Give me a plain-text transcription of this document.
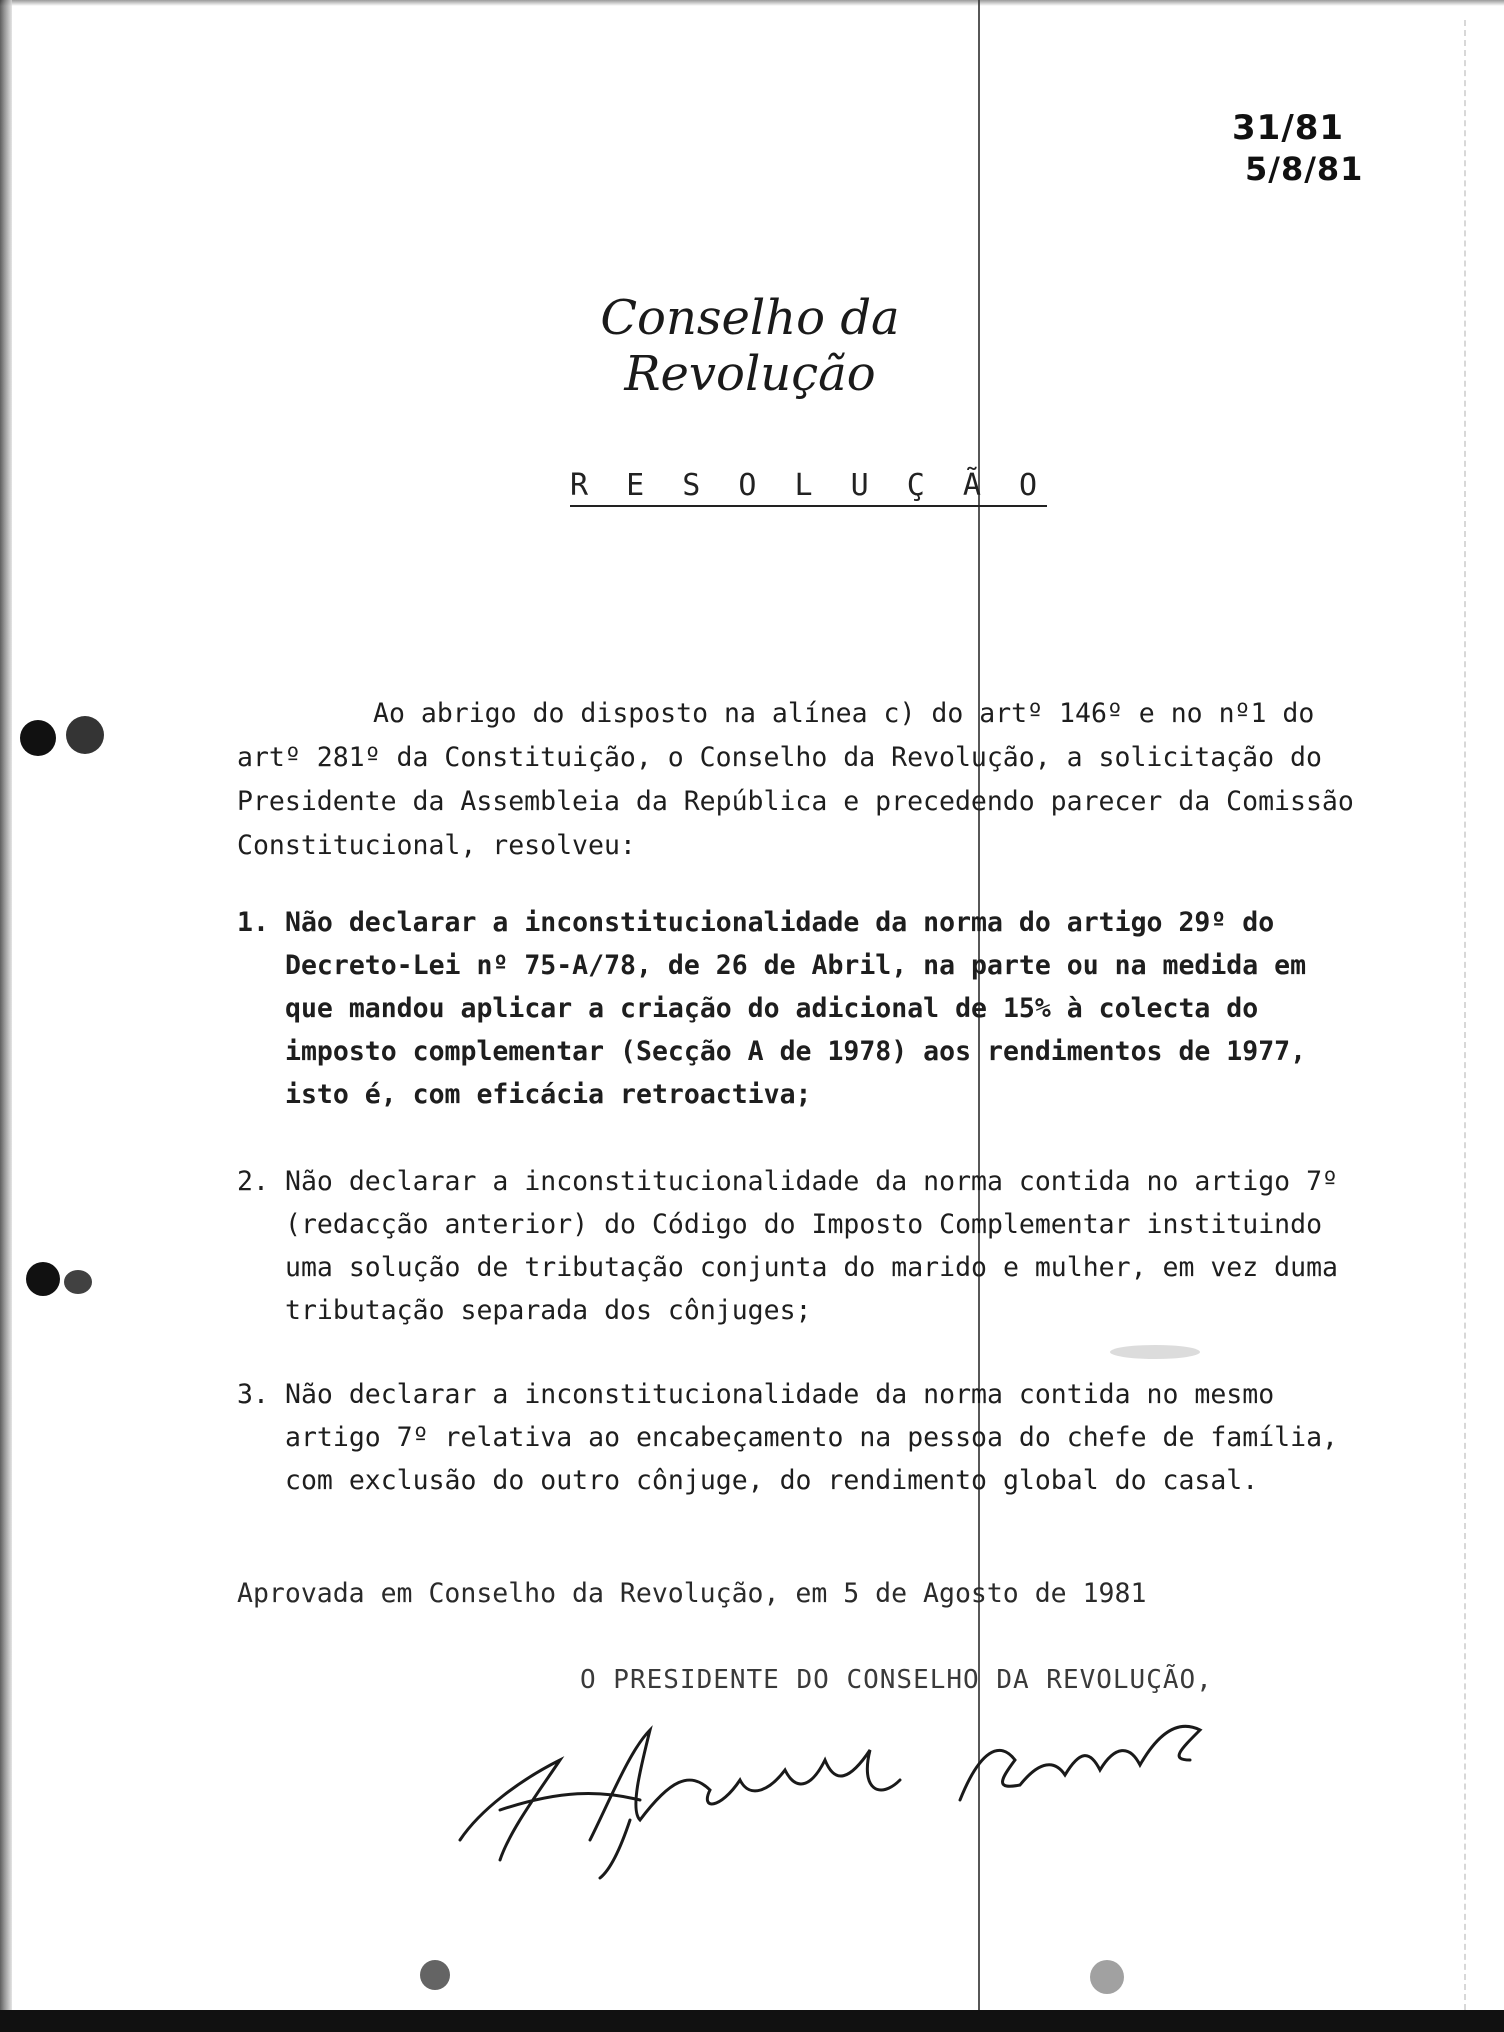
31/81
5/8/81
Conselho da Revolução
R E S O L U Ç Ã O
Ao abrigo do disposto na alínea c) do artº 146º e no nº1 do artº 281º da Constituição, o Conselho da Revolução, a solicitação do Presidente da Assembleia da República e precedendo parecer da Comissão Constitucional, resolveu:
1. Não declarar a inconstitucionalidade da norma do artigo 29º do Decreto-Lei nº 75-A/78, de 26 de Abril, na parte ou na medida em que mandou aplicar a criação do adicional de 15% à colecta do imposto complementar (Secção A de 1978) aos rendimentos de 1977, isto é, com eficácia retroactiva;
2. Não declarar a inconstitucionalidade da norma contida no artigo 7º (redacção anterior) do Código do Imposto Complementar instituindo uma solução de tributação conjunta do marido e mulher, em vez duma tributação separada dos cônjuges;
3. Não declarar a inconstitucionalidade da norma contida no mesmo artigo 7º relativa ao encabeçamento na pessoa do chefe de família, com exclusão do outro cônjuge, do rendimento global do casal.
Aprovada em Conselho da Revolução, em 5 de Agosto de 1981
O PRESIDENTE DO CONSELHO DA REVOLUÇÃO,
